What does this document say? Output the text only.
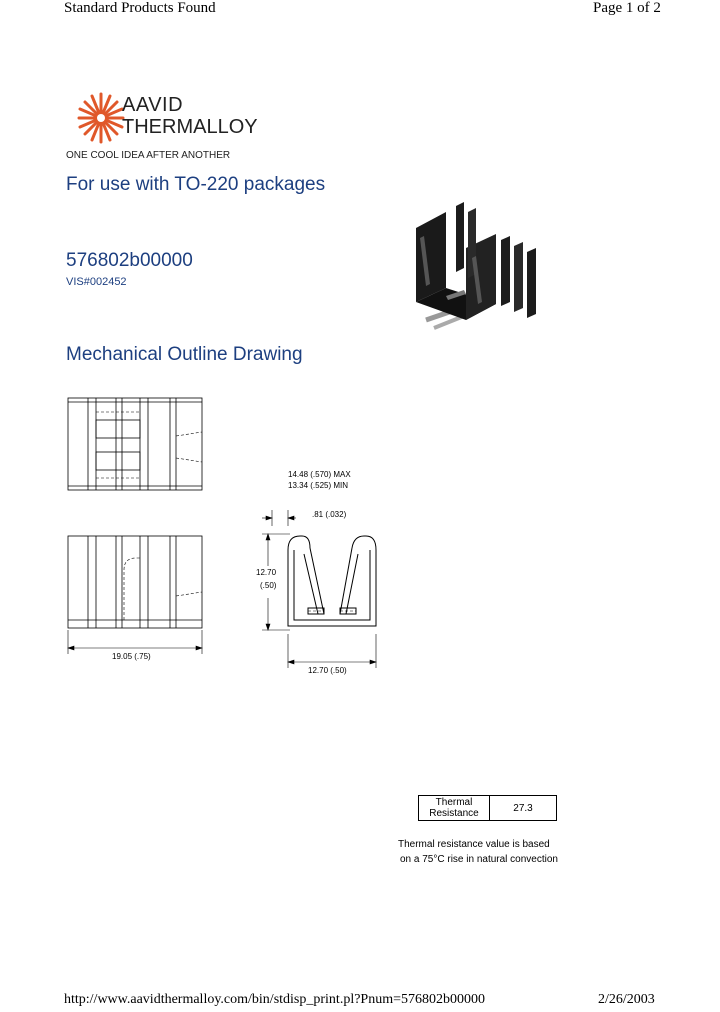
Standard Products Found	Page 1 of 2
AAVID
THERMALLOY
ONE COOL IDEA AFTER ANOTHER
For use with TO-220 packages
576802b00000
VIS#002452
Mechanical Outline Drawing
19.05 (.75)
14.48 (.570) MAX
13.34 (.525) MIN
.81 (.032)
12.70
(.50)
12.70 (.50)
Thermal
Resistance	27.3
Thermal resistance value is based
on a 75°C rise in natural convection
http://www.aavidthermalloy.com/bin/stdisp_print.pl?Pnum=576802b00000	2/26/2003
